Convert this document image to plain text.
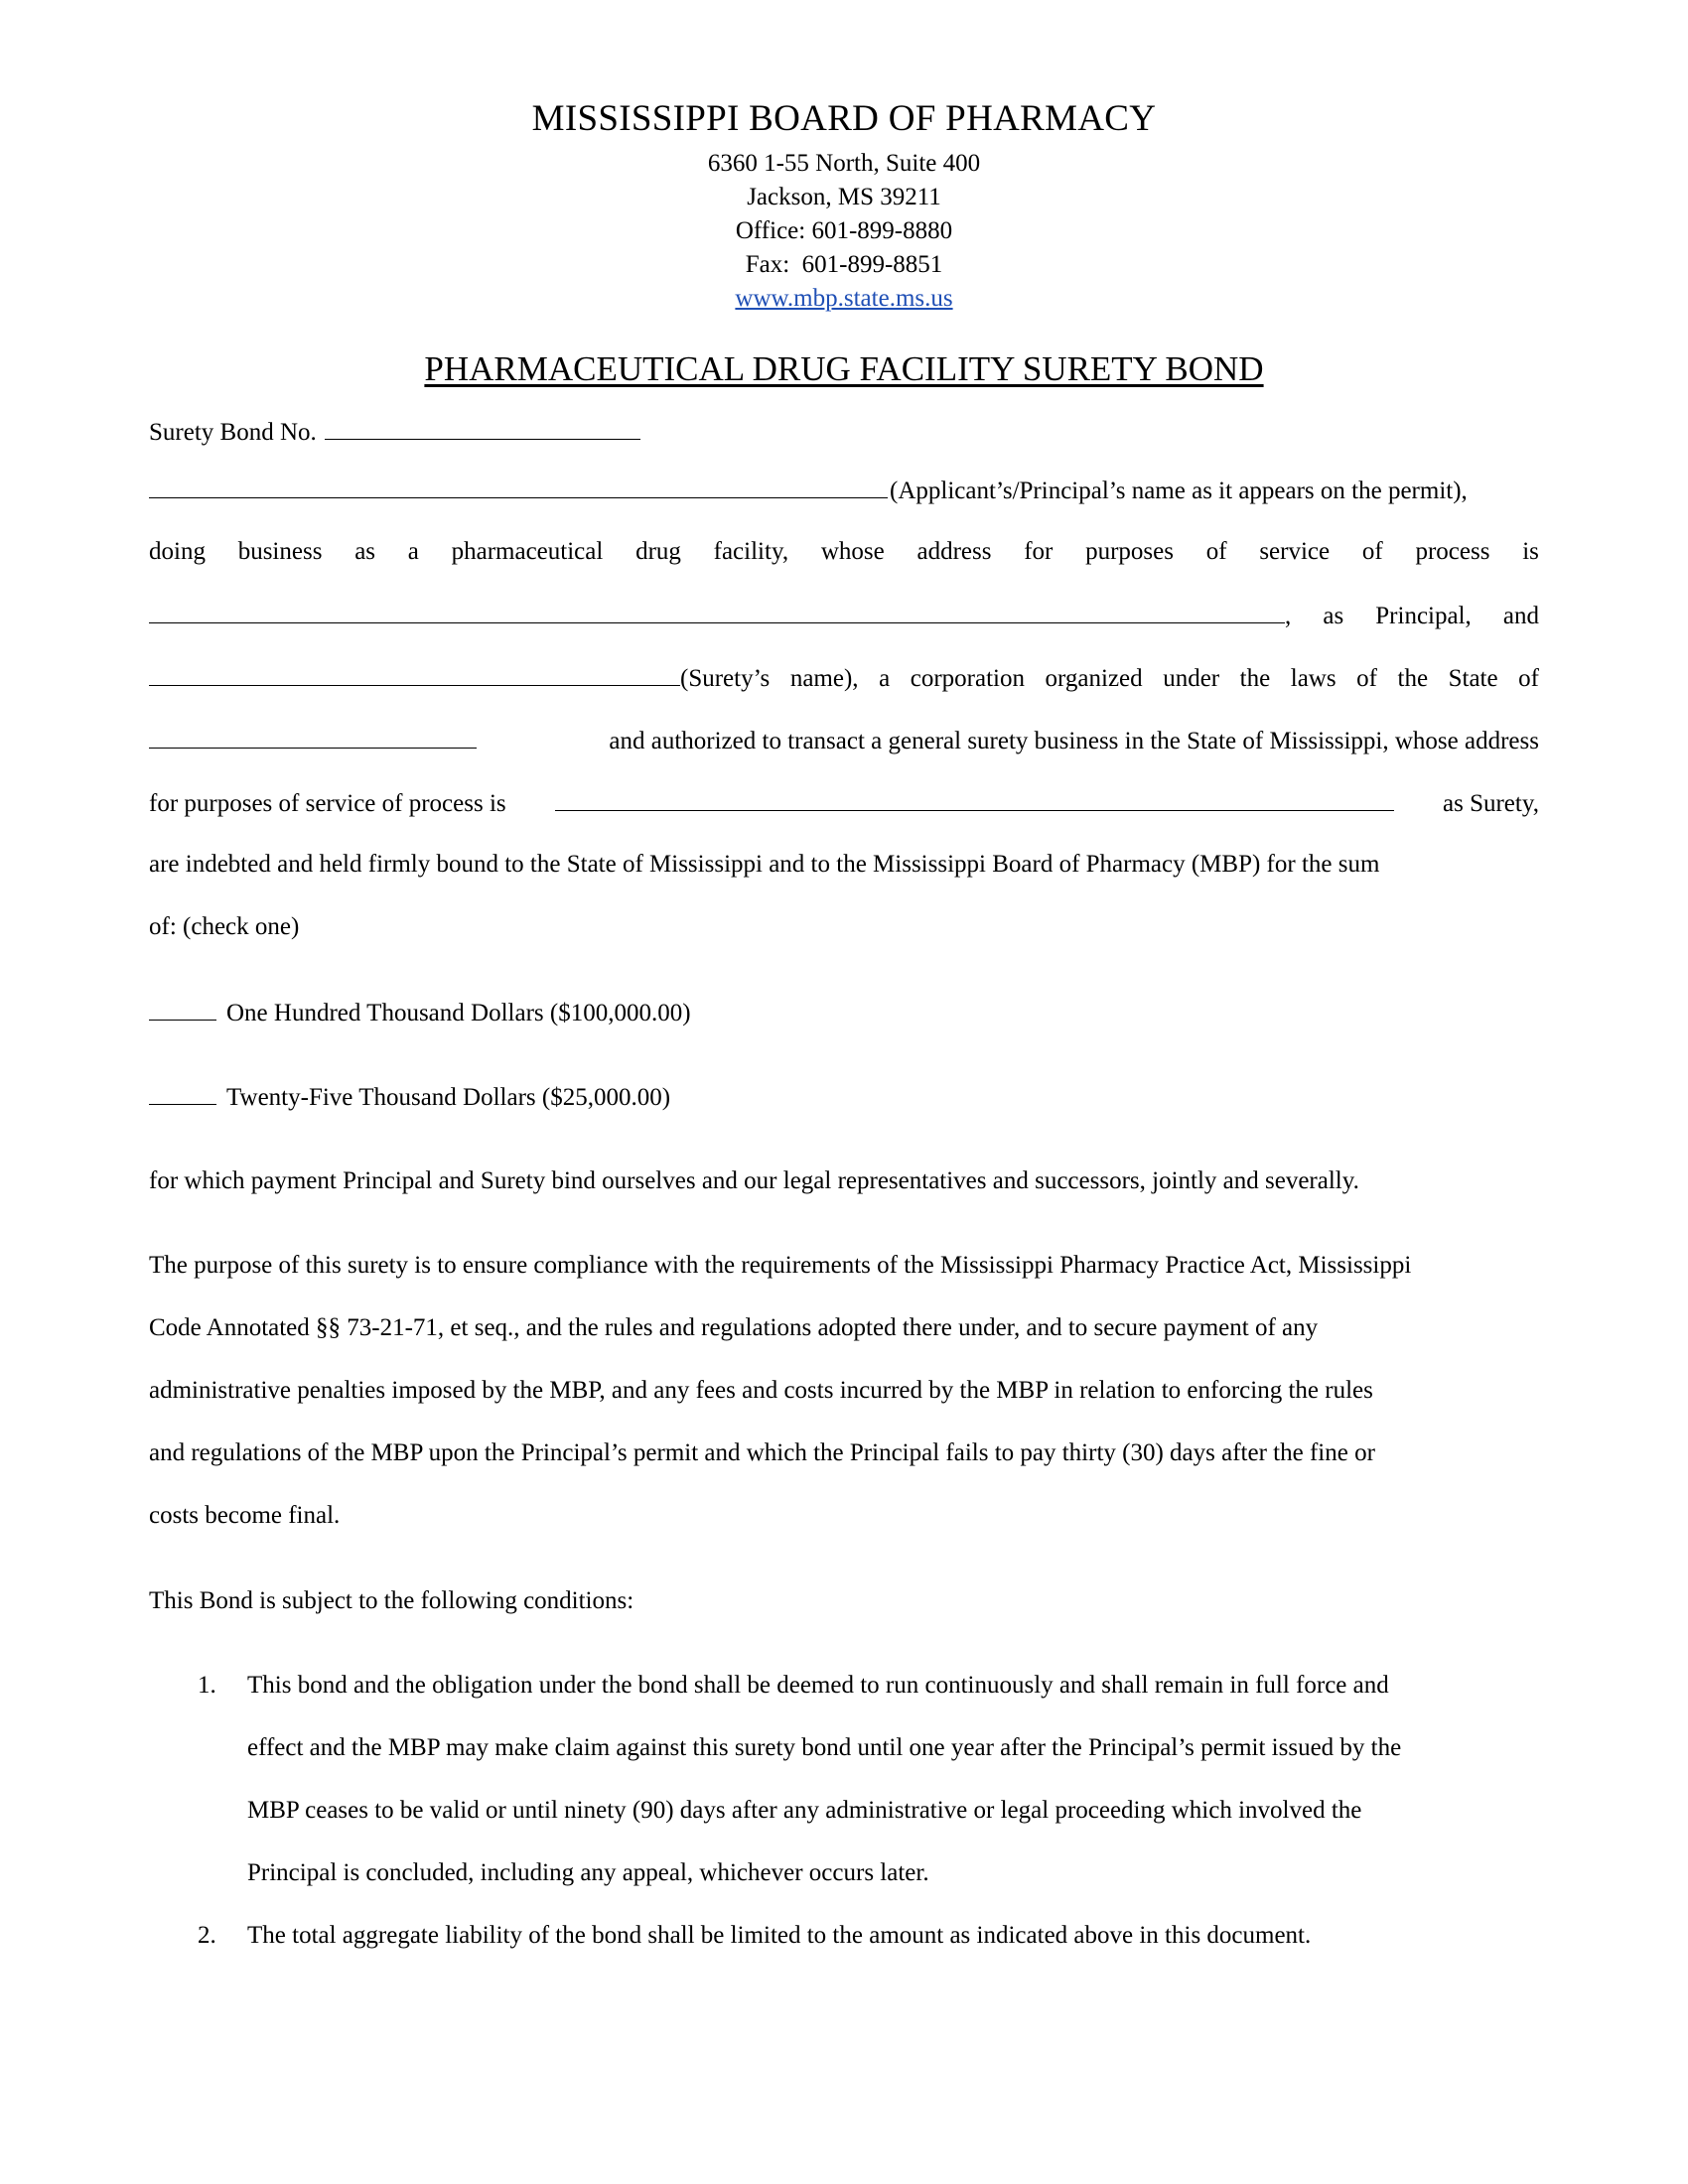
MISSISSIPPI BOARD OF PHARMACY
6360 1-55 North, Suite 400
Jackson, MS 39211
Office: 601-899-8880
Fax:  601-899-8851
www.mbp.state.ms.us
PHARMACEUTICAL DRUG FACILITY SURETY BOND
Surety Bond No.
(Applicant’s/Principal’s name as it appears on the permit),
doing business as a pharmaceutical drug facility, whose address for purposes of service of process is
, as Principal, and
(Surety’s name), a corporation organized under the laws of the State of
and authorized to transact a general surety business in the State of Mississippi, whose address
for purposes of service of process is	as Surety,
are indebted and held firmly bound to the State of Mississippi and to the Mississippi Board of Pharmacy (MBP) for the sum
of: (check one)
One Hundred Thousand Dollars ($100,000.00)
Twenty-Five Thousand Dollars ($25,000.00)
for which payment Principal and Surety bind ourselves and our legal representatives and successors, jointly and severally.
The purpose of this surety is to ensure compliance with the requirements of the Mississippi Pharmacy Practice Act, Mississippi
Code Annotated §§ 73-21-71, et seq., and the rules and regulations adopted there under, and to secure payment of any
administrative penalties imposed by the MBP, and any fees and costs incurred by the MBP in relation to enforcing the rules
and regulations of the MBP upon the Principal’s permit and which the Principal fails to pay thirty (30) days after the fine or
costs become final.
This Bond is subject to the following conditions:
1. This bond and the obligation under the bond shall be deemed to run continuously and shall remain in full force and
effect and the MBP may make claim against this surety bond until one year after the Principal’s permit issued by the
MBP ceases to be valid or until ninety (90) days after any administrative or legal proceeding which involved the
Principal is concluded, including any appeal, whichever occurs later.
2. The total aggregate liability of the bond shall be limited to the amount as indicated above in this document.
